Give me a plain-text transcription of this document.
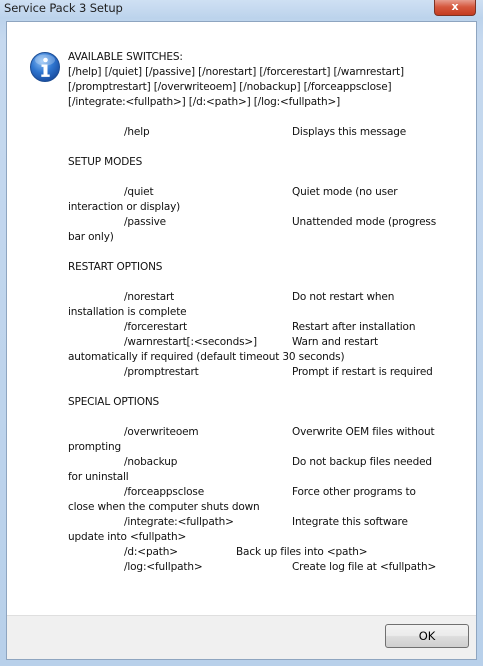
Service Pack 3 Setup	x
AVAILABLE SWITCHES:
[/help] [/quiet] [/passive] [/norestart] [/forcerestart] [/warnrestart]
[/promptrestart] [/overwriteoem] [/nobackup] [/forceappsclose]
[/integrate:<fullpath>] [/d:<path>] [/log:<fullpath>]
/help	Displays this message
SETUP MODES
/quiet	Quiet mode (no user
interaction or display)
/passive	Unattended mode (progress
bar only)
RESTART OPTIONS
/norestart	Do not restart when
installation is complete
/forcerestart	Restart after installation
/warnrestart[:<seconds>]	Warn and restart
automatically if required (default timeout 30 seconds)
/promptrestart	Prompt if restart is required
SPECIAL OPTIONS
/overwriteoem	Overwrite OEM files without
prompting
/nobackup	Do not backup files needed
for uninstall
/forceappsclose	Force other programs to
close when the computer shuts down
/integrate:<fullpath>	Integrate this software
update into <fullpath>
/d:<path>	Back up files into <path>
/log:<fullpath>	Create log file at <fullpath>
OK
